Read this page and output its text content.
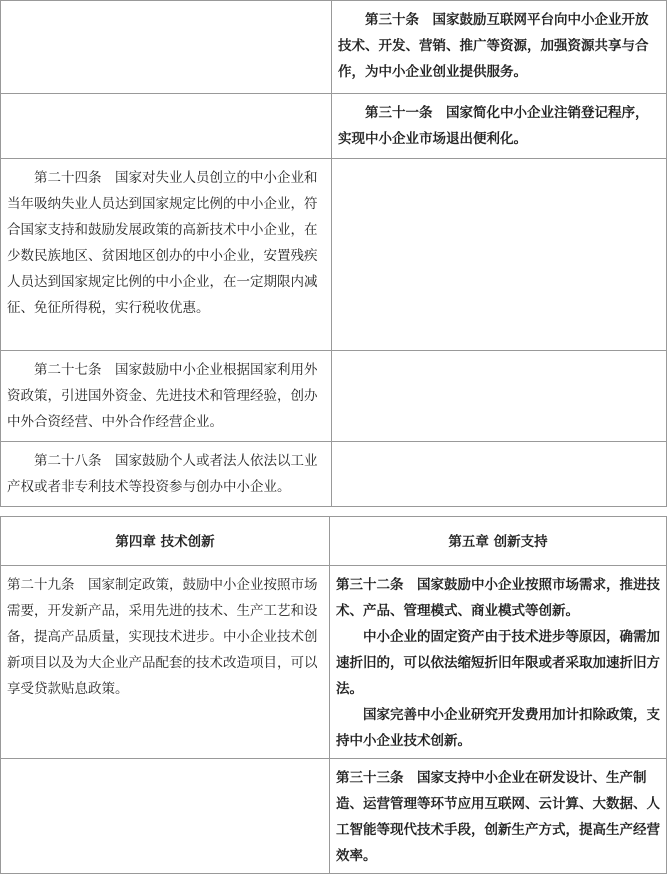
	第三十条　国家鼓励互联网平台向中小企业开放技术、开发、营销、推广等资源，加强资源共享与合作，为中小企业创业提供服务。

	第三十一条　国家简化中小企业注销登记程序，实现中小企业市场退出便利化。

第二十四条　国家对失业人员创立的中小企业和当年吸纳失业人员达到国家规定比例的中小企业，符合国家支持和鼓励发展政策的高新技术中小企业，在少数民族地区、贫困地区创办的中小企业，安置残疾人员达到国家规定比例的中小企业，在一定期限内减征、免征所得税，实行税收优惠。	

第二十七条　国家鼓励中小企业根据国家利用外资政策，引进国外资金、先进技术和管理经验，创办中外合资经营、中外合作经营企业。	

第二十八条　国家鼓励个人或者法人依法以工业产权或者非专利技术等投资参与创办中小企业。	

第四章 技术创新	第五章 创新支持

第二十九条　国家制定政策，鼓励中小企业按照市场需要，开发新产品，采用先进的技术、生产工艺和设备，提高产品质量，实现技术进步。中小企业技术创新项目以及为大企业产品配套的技术改造项目，可以享受贷款贴息政策。	第三十二条　国家鼓励中小企业按照市场需求，推进技术、产品、管理模式、商业模式等创新。

中小企业的固定资产由于技术进步等原因，确需加速折旧的，可以依法缩短折旧年限或者采取加速折旧方法。

国家完善中小企业研究开发费用加计扣除政策，支持中小企业技术创新。

	第三十三条　国家支持中小企业在研发设计、生产制造、运营管理等环节应用互联网、云计算、大数据、人工智能等现代技术手段，创新生产方式，提高生产经营效率。
